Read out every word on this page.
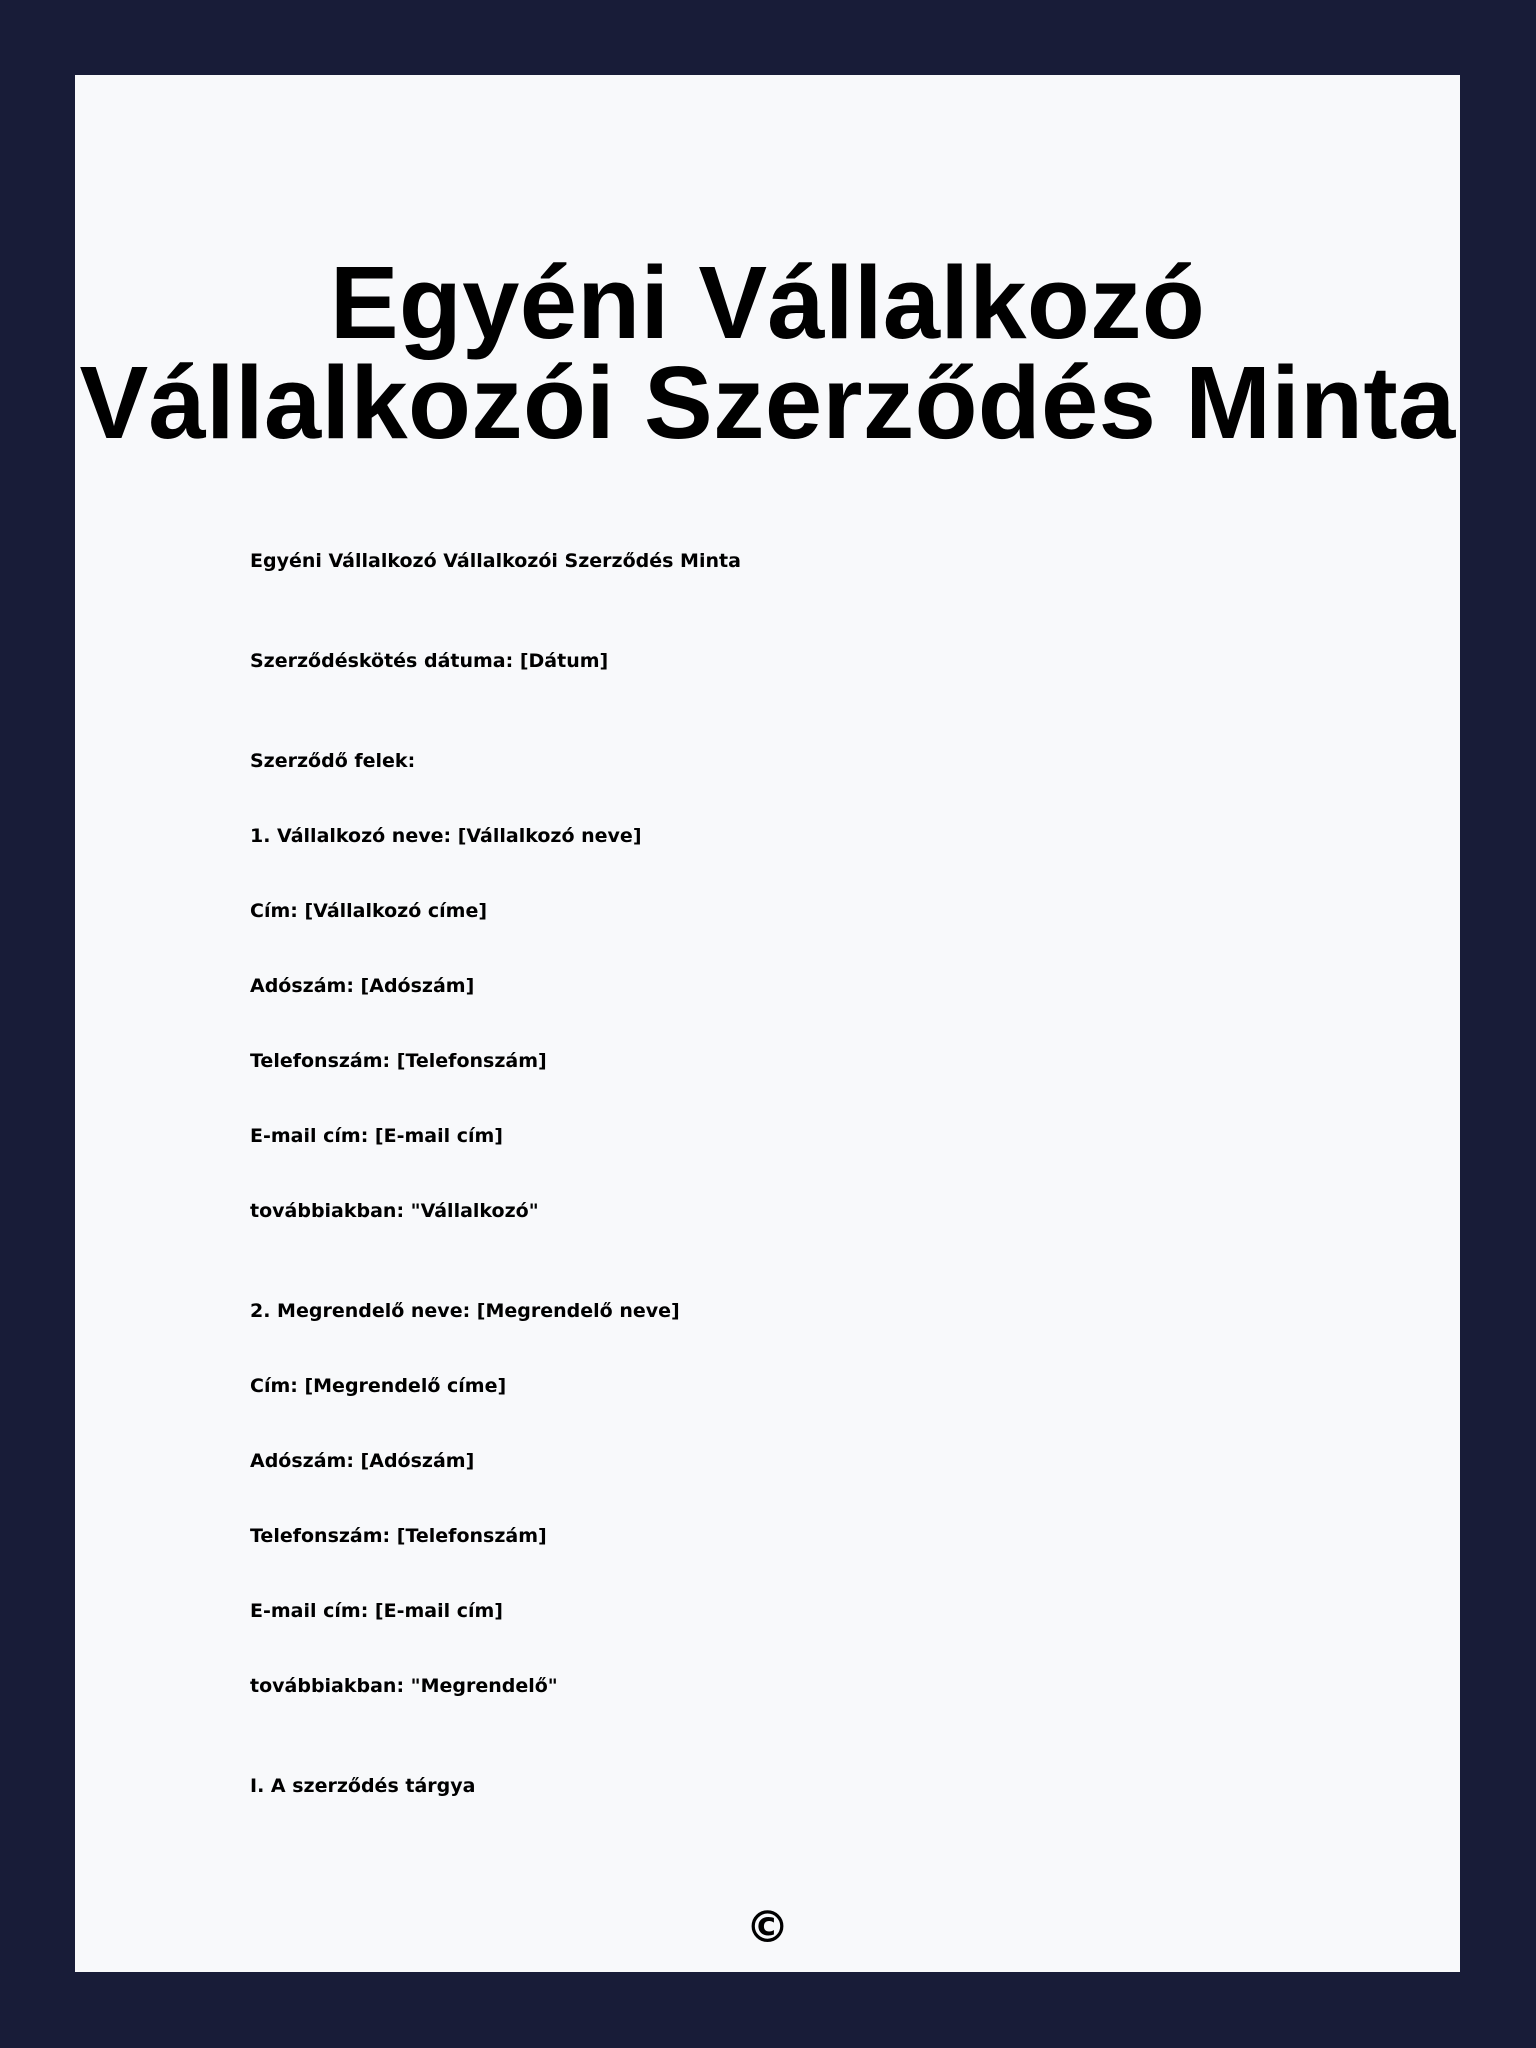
Egyéni Vállalkozó Vállalkozói Szerződés Minta

Egyéni Vállalkozó Vállalkozói Szerződés Minta

Szerződéskötés dátuma: [Dátum]

Szerződő felek:

1. Vállalkozó neve: [Vállalkozó neve]

Cím: [Vállalkozó címe]

Adószám: [Adószám]

Telefonszám: [Telefonszám]

E-mail cím: [E-mail cím]

továbbiakban: "Vállalkozó"

2. Megrendelő neve: [Megrendelő neve]

Cím: [Megrendelő címe]

Adószám: [Adószám]

Telefonszám: [Telefonszám]

E-mail cím: [E-mail cím]

továbbiakban: "Megrendelő"

I. A szerződés tárgya

©
